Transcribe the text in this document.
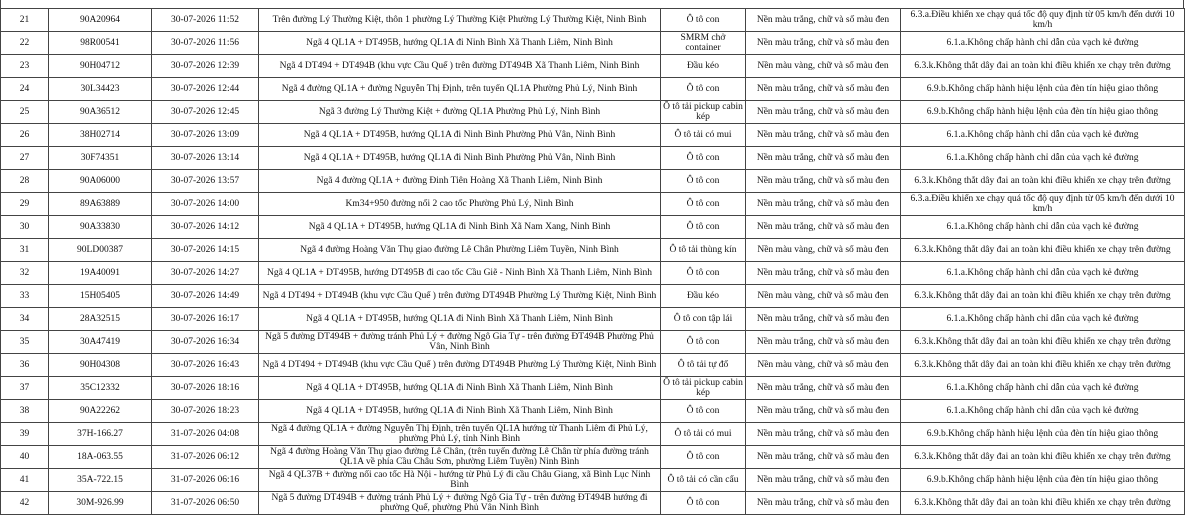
21	90A20964	30-07-2026 11:52	Trên đường Lý Thường Kiệt, thôn 1 phường Lý Thường Kiệt Phường Lý Thường Kiệt, Ninh Bình	Ô tô con	Nền màu trắng, chữ và số màu đen	6.3.a.Điều khiển xe chạy quá tốc độ quy định từ 05 km/h đến dưới 10 km/h
22	98R00541	30-07-2026 11:56	Ngã 4 QL1A + DT495B, hướng QL1A đi Ninh Bình Xã Thanh Liêm, Ninh Bình	SMRM chở container	Nền màu trắng, chữ và số màu đen	6.1.a.Không chấp hành chỉ dẫn của vạch kẻ đường
23	90H04712	30-07-2026 12:39	Ngã 4 DT494 + DT494B (khu vực Cầu Quế ) trên đường DT494B Xã Thanh Liêm, Ninh Bình	Đầu kéo	Nền màu vàng, chữ và số màu đen	6.3.k.Không thắt dây đai an toàn khi điều khiển xe chạy trên đường
24	30L34423	30-07-2026 12:44	Ngã 4 đường QL1A + đường Nguyễn Thị Định, trên tuyến QL1A Phường Phủ Lý, Ninh Bình	Ô tô con	Nền màu trắng, chữ và số màu đen	6.9.b.Không chấp hành hiệu lệnh của đèn tín hiệu giao thông
25	90A36512	30-07-2026 12:45	Ngã 3 đường Lý Thường Kiệt + đường QL1A Phường Phủ Lý, Ninh Bình	Ô tô tải pickup cabin kép	Nền màu trắng, chữ và số màu đen	6.9.b.Không chấp hành hiệu lệnh của đèn tín hiệu giao thông
26	38H02714	30-07-2026 13:09	Ngã 4 QL1A + DT495B, hướng QL1A đi Ninh Bình Phường Phủ Vân, Ninh Bình	Ô tô tải có mui	Nền màu trắng, chữ và số màu đen	6.1.a.Không chấp hành chỉ dẫn của vạch kẻ đường
27	30F74351	30-07-2026 13:14	Ngã 4 QL1A + DT495B, hướng QL1A đi Ninh Bình Phường Phủ Vân, Ninh Bình	Ô tô con	Nền màu trắng, chữ và số màu đen	6.1.a.Không chấp hành chỉ dẫn của vạch kẻ đường
28	90A06000	30-07-2026 13:57	Ngã 4 đường QL1A + đường Đinh Tiên Hoàng Xã Thanh Liêm, Ninh Bình	Ô tô con	Nền màu trắng, chữ và số màu đen	6.3.k.Không thắt dây đai an toàn khi điều khiển xe chạy trên đường
29	89A63889	30-07-2026 14:00	Km34+950 đường nối 2 cao tốc Phường Phủ Lý, Ninh Bình	Ô tô con	Nền màu trắng, chữ và số màu đen	6.3.a.Điều khiển xe chạy quá tốc độ quy định từ 05 km/h đến dưới 10 km/h
30	90A33830	30-07-2026 14:12	Ngã 4 QL1A + DT495B, hướng QL1A đi Ninh Bình Xã Nam Xang, Ninh Bình	Ô tô con	Nền màu trắng, chữ và số màu đen	6.1.a.Không chấp hành chỉ dẫn của vạch kẻ đường
31	90LD00387	30-07-2026 14:15	Ngã 4 đường Hoàng Văn Thụ giao đường Lê Chân Phường Liêm Tuyền, Ninh Bình	Ô tô tải thùng kín	Nền màu vàng, chữ và số màu đen	6.3.k.Không thắt dây đai an toàn khi điều khiển xe chạy trên đường
32	19A40091	30-07-2026 14:27	Ngã 4 QL1A + DT495B, hướng DT495B đi cao tốc Cầu Giẽ - Ninh Bình Xã Thanh Liêm, Ninh Bình	Ô tô con	Nền màu trắng, chữ và số màu đen	6.1.a.Không chấp hành chỉ dẫn của vạch kẻ đường
33	15H05405	30-07-2026 14:49	Ngã 4 DT494 + DT494B (khu vực Cầu Quế ) trên đường DT494B Phường Lý Thường Kiệt, Ninh Bình	Đầu kéo	Nền màu vàng, chữ và số màu đen	6.3.k.Không thắt dây đai an toàn khi điều khiển xe chạy trên đường
34	28A32515	30-07-2026 16:17	Ngã 4 QL1A + DT495B, hướng QL1A đi Ninh Bình Xã Thanh Liêm, Ninh Bình	Ô tô con tập lái	Nền màu trắng, chữ và số màu đen	6.1.a.Không chấp hành chỉ dẫn của vạch kẻ đường
35	30A47419	30-07-2026 16:34	Ngã 5 đường DT494B + đường tránh Phủ Lý + đường Ngô Gia Tự - trên đường ĐT494B Phường Phủ Vân, Ninh Bình	Ô tô con	Nền màu trắng, chữ và số màu đen	6.3.k.Không thắt dây đai an toàn khi điều khiển xe chạy trên đường
36	90H04308	30-07-2026 16:43	Ngã 4 DT494 + DT494B (khu vực Cầu Quế ) trên đường DT494B Phường Lý Thường Kiệt, Ninh Bình	Ô tô tải tự đổ	Nền màu vàng, chữ và số màu đen	6.3.k.Không thắt dây đai an toàn khi điều khiển xe chạy trên đường
37	35C12332	30-07-2026 18:16	Ngã 4 QL1A + DT495B, hướng QL1A đi Ninh Bình Xã Thanh Liêm, Ninh Bình	Ô tô tải pickup cabin kép	Nền màu trắng, chữ và số màu đen	6.1.a.Không chấp hành chỉ dẫn của vạch kẻ đường
38	90A22262	30-07-2026 18:23	Ngã 4 QL1A + DT495B, hướng QL1A đi Ninh Bình Xã Thanh Liêm, Ninh Bình	Ô tô con	Nền màu trắng, chữ và số màu đen	6.1.a.Không chấp hành chỉ dẫn của vạch kẻ đường
39	37H-166.27	31-07-2026 04:08	Ngã 4 đường QL1A + đường Nguyễn Thị Định, trên tuyến QL1A hướng từ Thanh Liêm đi Phủ Lý, phường Phủ Lý, tỉnh Ninh Bình	Ô tô tải có mui	Nền màu trắng, chữ và số màu đen	6.9.b.Không chấp hành hiệu lệnh của đèn tín hiệu giao thông
40	18A-063.55	31-07-2026 06:12	Ngã 4 đường Hoàng Văn Thụ giao đường Lê Chân, (trên tuyến đường Lê Chân từ phía đường tránh QL1A về phía Cầu Châu Sơn, phường Liêm Tuyền) Ninh Bình	Ô tô con	Nền màu trắng, chữ và số màu đen	6.3.k.Không thắt dây đai an toàn khi điều khiển xe chạy trên đường
41	35A-722.15	31-07-2026 06:16	Ngã 4 QL37B + đường nối cao tốc Hà Nội - hướng từ Phủ Lý đi cầu Châu Giang, xã Bình Lục Ninh Bình	Ô tô tải có cần cẩu	Nền màu trắng, chữ và số màu đen	6.9.b.Không chấp hành hiệu lệnh của đèn tín hiệu giao thông
42	30M-926.99	31-07-2026 06:50	Ngã 5 đường DT494B + đường tránh Phủ Lý + đường Ngô Gia Tự - trên đường ĐT494B hướng đi phường Quế, phường Phủ Vân Ninh Bình	Ô tô con	Nền màu trắng, chữ và số màu đen	6.3.k.Không thắt dây đai an toàn khi điều khiển xe chạy trên đường
